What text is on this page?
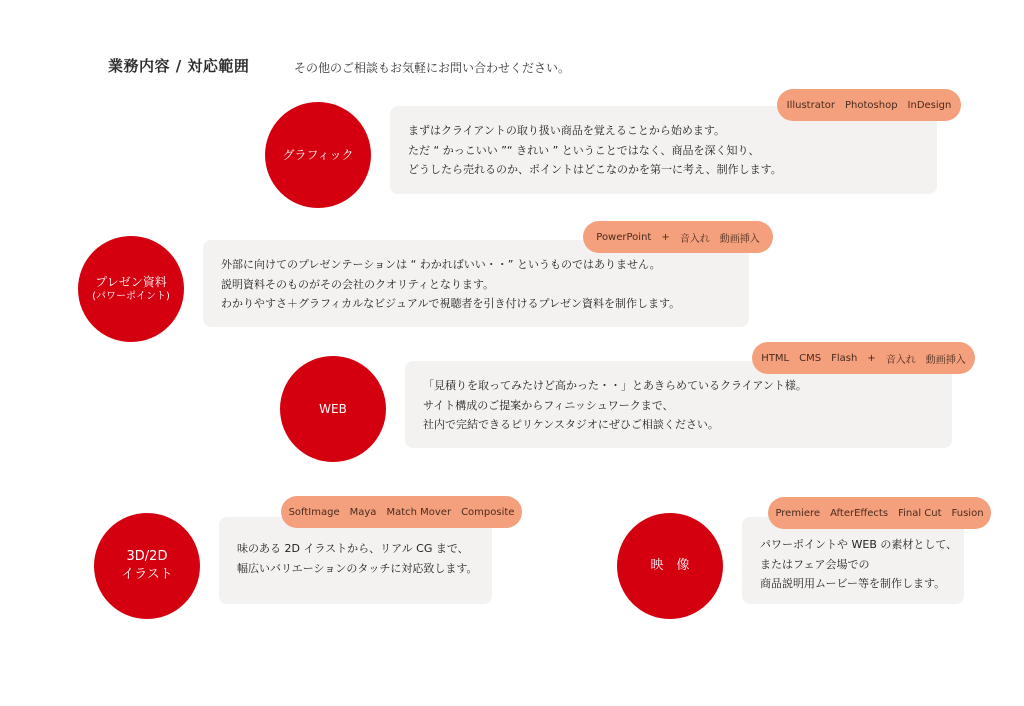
業務内容 / 対応範囲	その他のご相談もお気軽にお問い合わせください。
まずはクライアントの取り扱い商品を覚えることから始めます。
ただ “ かっこいい ”“ きれい ” ということではなく、商品を深く知り、
どうしたら売れるのか、ポイントはどこなのかを第一に考え、制作します。
Illustrator Photoshop InDesign
グラフィック
外部に向けてのプレゼンテーションは “ わかればいい・・” というものではありません。
説明資料そのものがその会社のクオリティとなります。
わかりやすさ＋グラフィカルなビジュアルで視聴者を引き付けるプレゼン資料を制作します。
PowerPoint + 音入れ 動画挿入
プレゼン資料
(パワーポイント)
「見積りを取ってみたけど高かった・・」とあきらめているクライアント様。
サイト構成のご提案からフィニッシュワークまで、
社内で完結できるピリケンスタジオにぜひご相談ください。
HTML CMS Flash + 音入れ 動画挿入
WEB
味のある 2D イラストから、リアル CG まで、
幅広いバリエーションのタッチに対応致します。
SoftImage Maya Match Mover Composite
3D/2D
イラスト
パワーポイントや WEB の素材として、
またはフェア会場での
商品説明用ムービー等を制作します。
Premiere AfterEffects Final Cut Fusion
映　像
